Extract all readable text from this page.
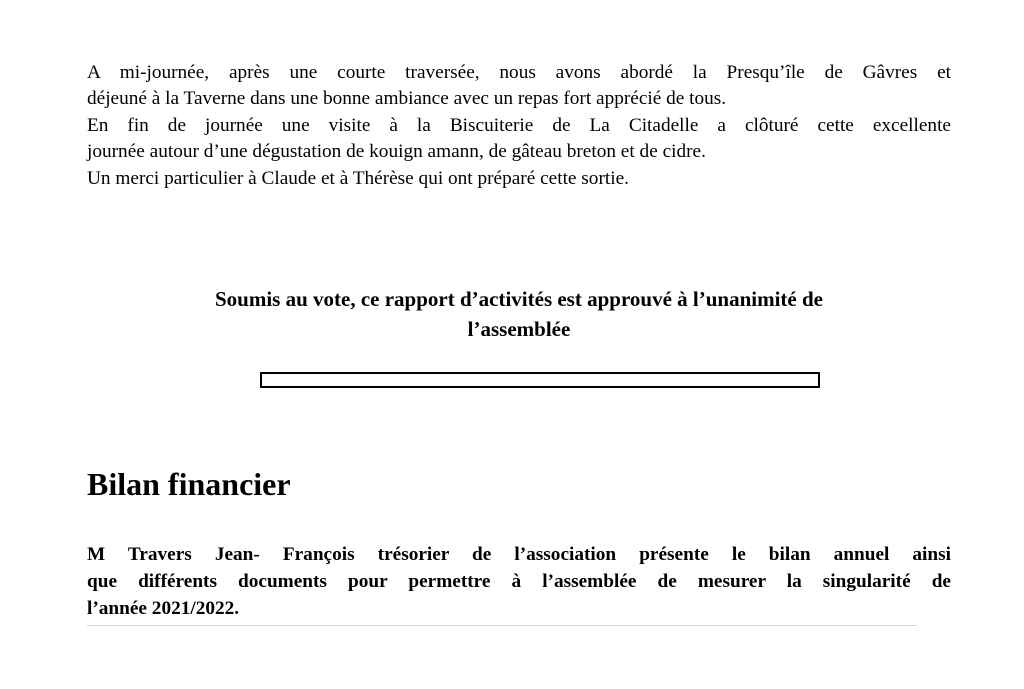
A mi-journée, après une courte traversée, nous avons abordé la Presqu’île de Gâvres et

déjeuné à la Taverne dans une bonne ambiance avec un repas fort apprécié de tous.

En fin de journée une visite à la Biscuiterie de La Citadelle a clôturé cette excellente

journée autour d’une dégustation de kouign amann, de gâteau breton et de cidre.

Un merci particulier à Claude et à Thérèse qui ont préparé cette sortie.

Soumis au vote, ce rapport d’activités est approuvé à l’unanimité de
l’assemblée
Bilan financier

M Travers Jean- François trésorier de l’association présente le bilan annuel ainsi

que différents documents pour permettre à l’assemblée de mesurer la singularité de

l’année 2021/2022.
